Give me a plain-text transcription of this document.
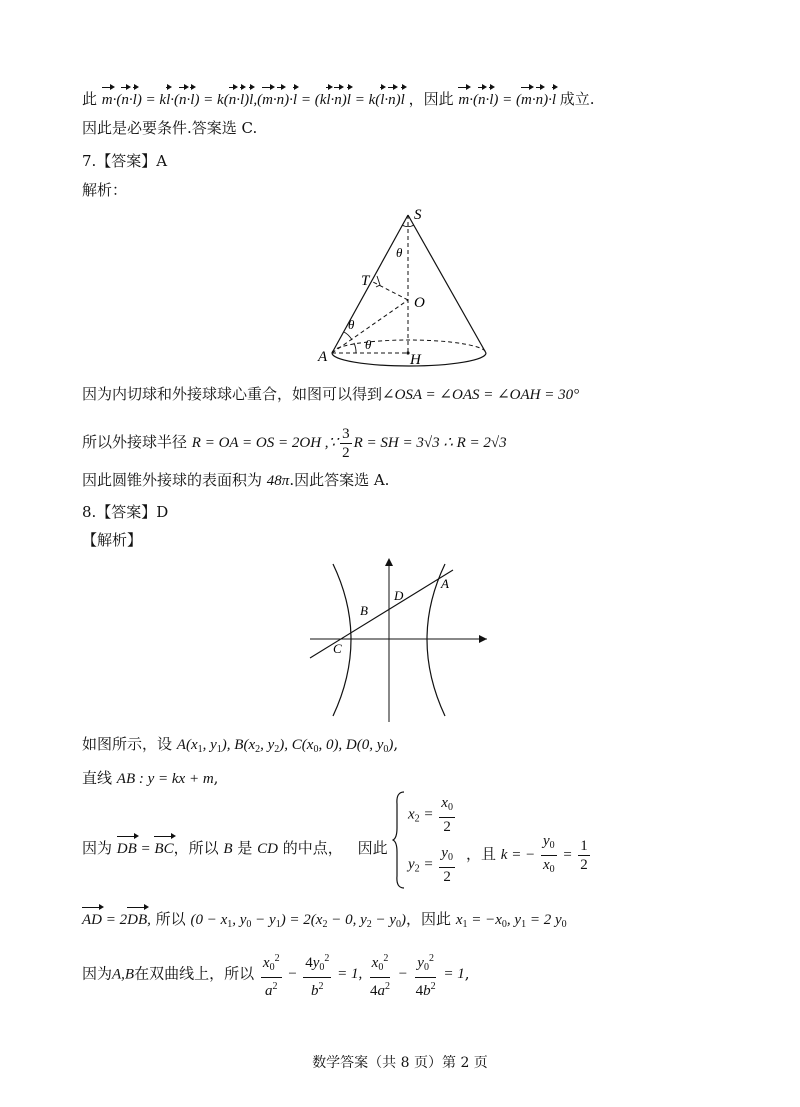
此 m·(n·l) = kl·(n·l) = k(n·l)l,(m·n)·l = (kl·n)l = k(l·n)l ，因此 m·(n·l) = (m·n)·l 成立.
因此是必要条件.答案选 C.
7.【答案】A
解析：
S
T
O
A	H
θ
θ
θ
因为内切球和外接球球心重合，如图可以得到∠OSA = ∠OAS = ∠OAH = 30°
所以外接球半径 R = OA = OS = 2OH ,∵ $\frac{3}{2}$ R = SH = 3√3 ∴ R = 2√3
因此圆锥外接球的表面积为 48π.因此答案选 A.
8.【答案】D
【解析】
A
B
C
D
如图所示，设 $A(x_1$, $y_1$), $B(x_2$, $y_2$), $C(x_0$, 0), D(0, $y_0$),
直线 AB : y = kx + m,
因为 DB = BC，所以 B 是 CD 的中点， 因此
$x_2 = \frac{x_0}{2}$
$y_2 = \frac{y_0}{2}$ ，且 k = − $\frac{y_0}{x_0} = \frac{1}{2}$
AD = 2DB, 所以 ($0 - x_1$, $y_0 - y_1) = 2(x_2 - 0$, $y_2 - y_0$)，因此 $x_1 = -x_0$, $y_1 = 2$ $y_0$
因为A,B在双曲线上，所以 $\frac{x_0^2}{a^2} - \frac{4y_0^2}{b^2} = 1$, $\frac{x_0^2}{4a^2} - \frac{y_0^2}{4b^2} = 1$,
数学答案（共 8 页）第 2 页
